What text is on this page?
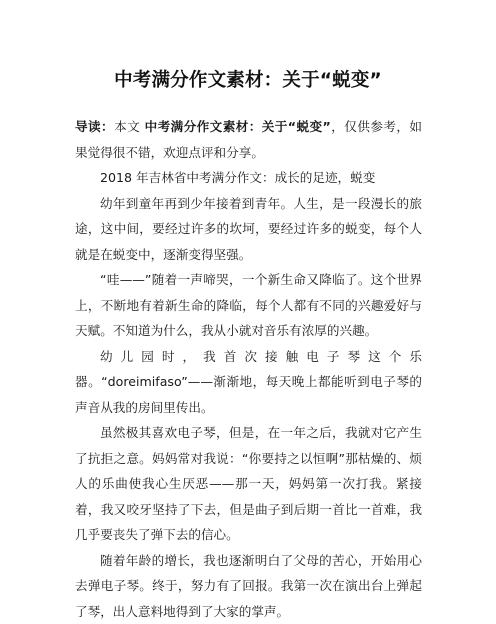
中考满分作文素材：关于“蜕变”

导读：本文 中考满分作文素材：关于“蜕变”，仅供参考，如果觉得很不错，欢迎点评和分享。

2018 年吉林省中考满分作文：成长的足迹，蜕变

幼年到童年再到少年接着到青年。人生，是一段漫长的旅途，这中间，要经过许多的坎坷，要经过许多的蜕变，每个人就是在蜕变中，逐渐变得坚强。

“哇——”随着一声啼哭，一个新生命又降临了。这个世界上，不断地有着新生命的降临，每个人都有不同的兴趣爱好与天赋。不知道为什么，我从小就对音乐有浓厚的兴趣。

幼儿园时，我首次接触电子琴这个乐器。“doreimifaso”——渐渐地，每天晚上都能听到电子琴的声音从我的房间里传出。

虽然极其喜欢电子琴，但是，在一年之后，我就对它产生了抗拒之意。妈妈常对我说：“你要持之以恒啊”那枯燥的、烦人的乐曲使我心生厌恶——那一天，妈妈第一次打我。紧接着，我又咬牙坚持了下去，但是曲子到后期一首比一首难，我几乎要丧失了弹下去的信心。

随着年龄的增长，我也逐渐明白了父母的苦心，开始用心去弹电子琴。终于，努力有了回报。我第一次在演出台上弹起了琴，出人意料地得到了大家的掌声。
